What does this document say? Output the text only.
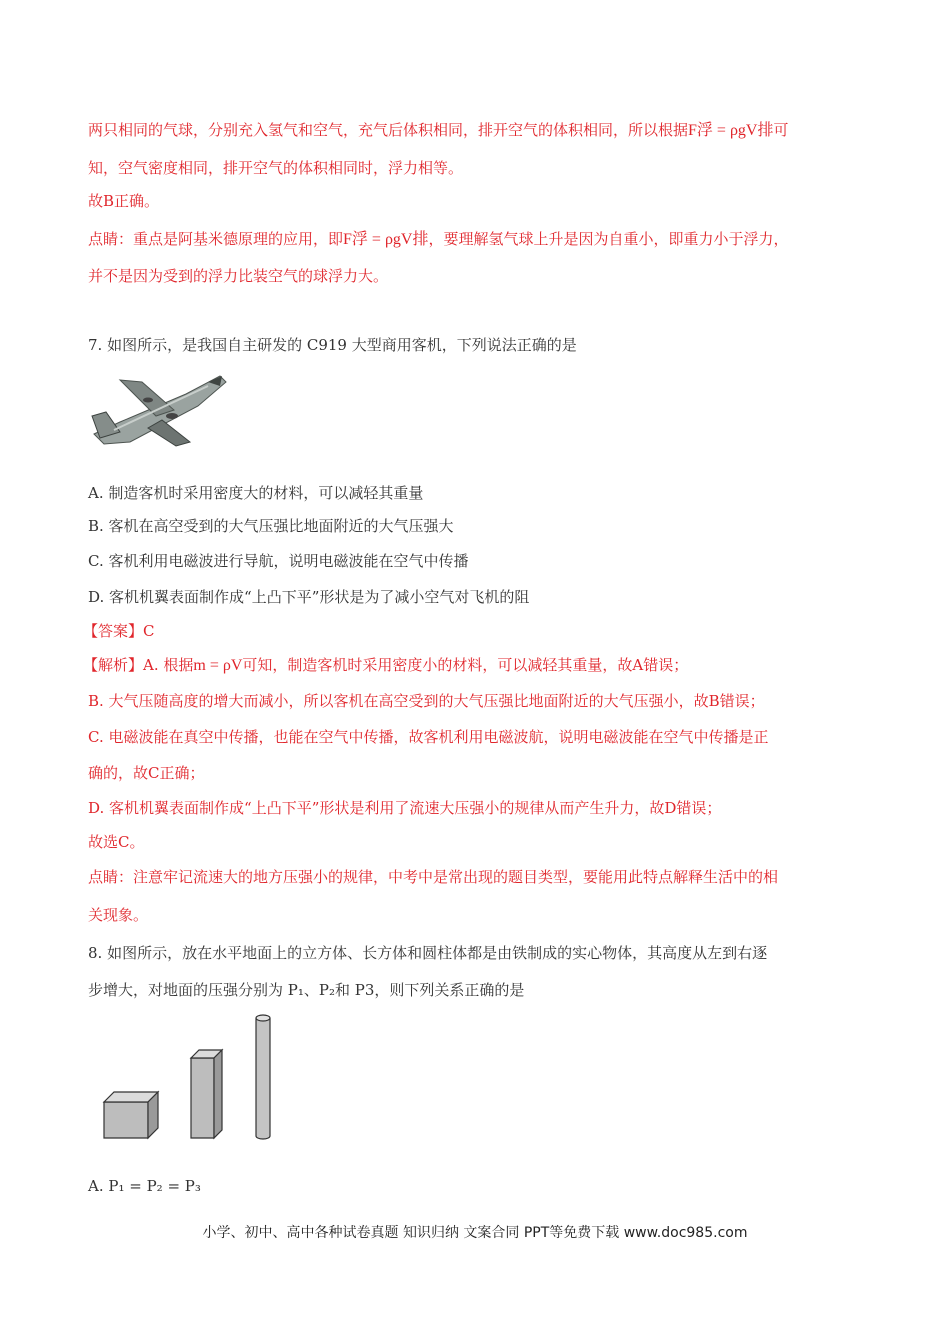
两只相同的气球，分别充入氢气和空气，充气后体积相同，排开空气的体积相同，所以根据F浮 = ρgV排可
知，空气密度相同，排开空气的体积相同时，浮力相等。
故B正确。
点睛：重点是阿基米德原理的应用，即F浮 = ρgV排，要理解氢气球上升是因为自重小，即重力小于浮力，
并不是因为受到的浮力比装空气的球浮力大。
7. 如图所示，是我国自主研发的 C919 大型商用客机，下列说法正确的是
A. 制造客机时采用密度大的材料，可以减轻其重量
B. 客机在高空受到的大气压强比地面附近的大气压强大
C. 客机利用电磁波进行导航，说明电磁波能在空气中传播
D. 客机机翼表面制作成“上凸下平”形状是为了减小空气对飞机的阻
【答案】C
【解析】A. 根据m = ρV可知，制造客机时采用密度小的材料，可以减轻其重量，故A错误；
B. 大气压随高度的增大而减小，所以客机在高空受到的大气压强比地面附近的大气压强小，故B错误；
C. 电磁波能在真空中传播，也能在空气中传播，故客机利用电磁波航，说明电磁波能在空气中传播是正
确的，故C正确；
D. 客机机翼表面制作成“上凸下平”形状是利用了流速大压强小的规律从而产生升力，故D错误；
故选C。
点睛：注意牢记流速大的地方压强小的规律，中考中是常出现的题目类型，要能用此特点解释生活中的相
关现象。
8. 如图所示，放在水平地面上的立方体、长方体和圆柱体都是由铁制成的实心物体，其高度从左到右逐
步增大，对地面的压强分别为 P₁、P₂和 P3，则下列关系正确的是
A. P₁ = P₂ = P₃
小学、初中、高中各种试卷真题 知识归纳 文案合同 PPT等免费下载 www.doc985.com
